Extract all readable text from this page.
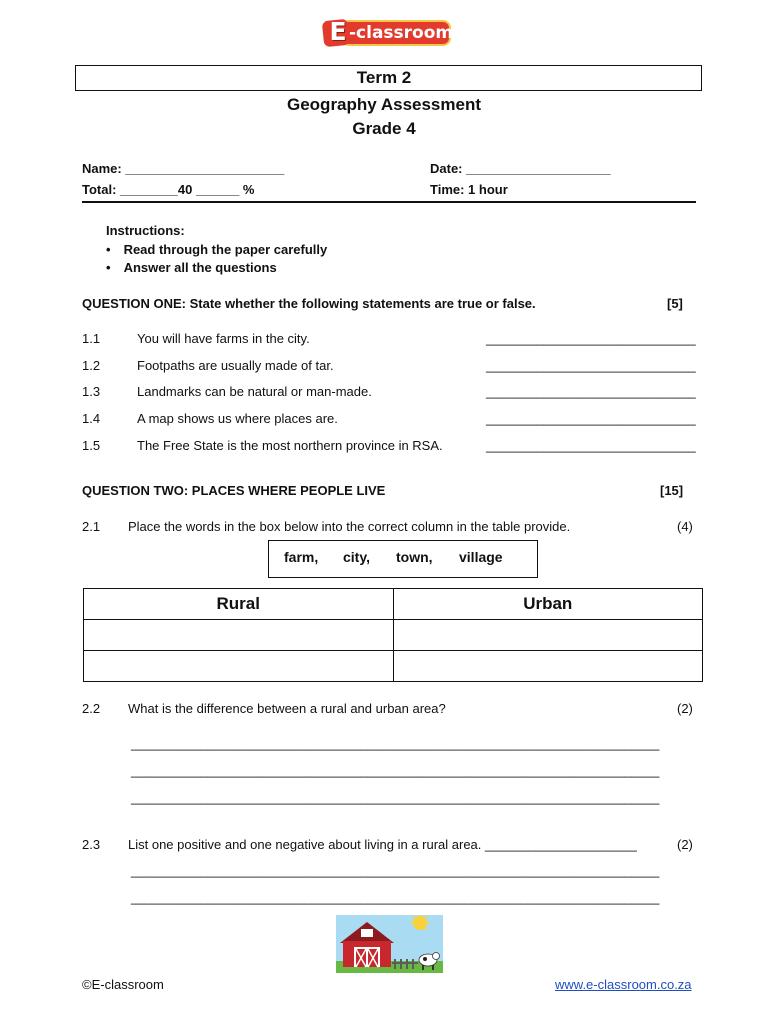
E -classroom
Term 2
Geography Assessment
Grade 4
Name: ______________________
Total: ________40 ______ %
Date: ____________________
Time: 1 hour
Instructions:
• Read through the paper carefully
• Answer all the questions
QUESTION ONE: State whether the following statements are true or false.	[5]
1.1	You will have farms in the city.	_____________________________
1.2	Footpaths are usually made of tar.	_____________________________
1.3	Landmarks can be natural or man-made.	_____________________________
1.4	A map shows us where places are.	_____________________________
1.5	The Free State is the most northern province in RSA.	_____________________________
QUESTION TWO: PLACES WHERE PEOPLE LIVE	[15]
2.1 Place the words in the box below into the correct column in the table provide.	(4)
farm, city, town, village
Rural	Urban

2.2 What is the difference between a rural and urban area?	(2)
____________________________________________________________________________
____________________________________________________________________________
____________________________________________________________________________
2.3 List one positive and one negative about living in a rural area. _____________________	(2)
____________________________________________________________________________
____________________________________________________________________________
©E-classroom	www.e-classroom.co.za
